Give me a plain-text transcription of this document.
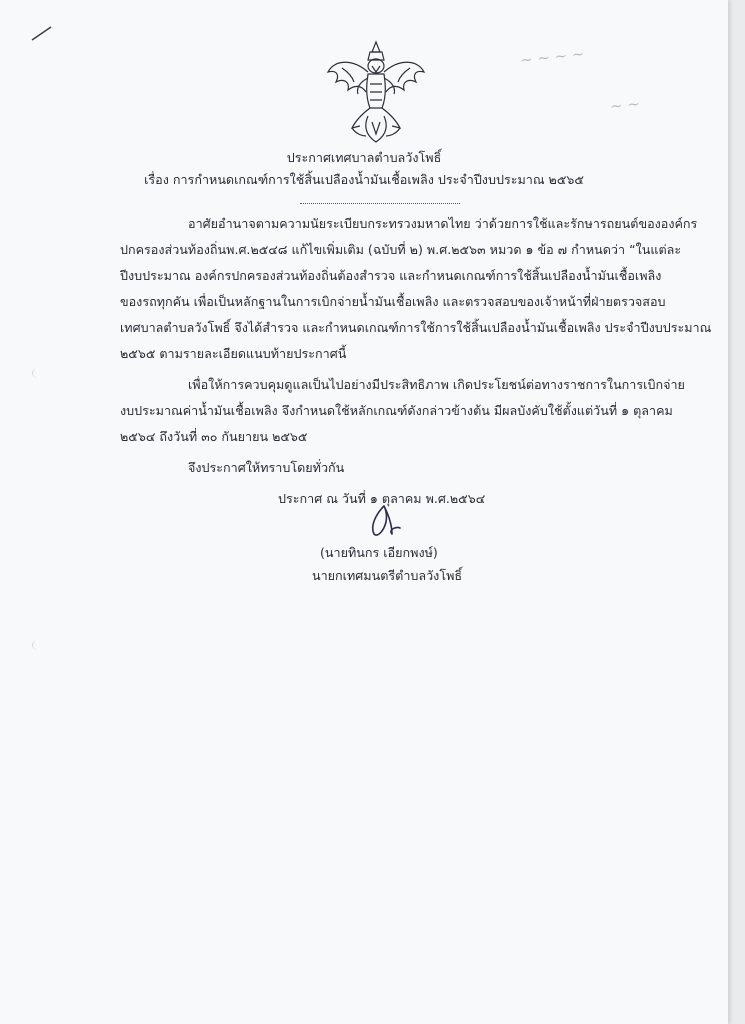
~ ~ ~ ~
~ ~
ประกาศเทศบาลตำบลวังโพธิ์
เรื่อง การกำหนดเกณฑ์การใช้สิ้นเปลืองน้ำมันเชื้อเพลิง ประจำปีงบประมาณ ๒๕๖๕
อาศัยอำนาจตามความนัยระเบียบกระทรวงมหาดไทย ว่าด้วยการใช้และรักษารถยนต์ขององค์กร
ปกครองส่วนท้องถิ่นพ.ศ.๒๕๔๘ แก้ไขเพิ่มเติม (ฉบับที่ ๒) พ.ศ.๒๕๖๓ หมวด ๑ ข้อ ๗ กำหนดว่า “ในแต่ละ
ปีงบประมาณ องค์กรปกครองส่วนท้องถิ่นต้องสำรวจ และกำหนดเกณฑ์การใช้สิ้นเปลืองน้ำมันเชื้อเพลิง
ของรถทุกคัน เพื่อเป็นหลักฐานในการเบิกจ่ายน้ำมันเชื้อเพลิง และตรวจสอบของเจ้าหน้าที่ฝ่ายตรวจสอบ
เทศบาลตำบลวังโพธิ์ จึงได้สำรวจ และกำหนดเกณฑ์การใช้การใช้สิ้นเปลืองน้ำมันเชื้อเพลิง ประจำปีงบประมาณ
๒๕๖๕ ตามรายละเอียดแนบท้ายประกาศนี้
เพื่อให้การควบคุมดูแลเป็นไปอย่างมีประสิทธิภาพ เกิดประโยชน์ต่อทางราชการในการเบิกจ่าย
งบประมาณค่าน้ำมันเชื้อเพลิง จึงกำหนดใช้หลักเกณฑ์ดังกล่าวข้างต้น มีผลบังคับใช้ตั้งแต่วันที่ ๑ ตุลาคม
๒๕๖๔ ถึงวันที่ ๓๐ กันยายน ๒๕๖๕
จึงประกาศให้ทราบโดยทั่วกัน
ประกาศ ณ วันที่ ๑ ตุลาคม พ.ศ.๒๕๖๔
(นายทินกร เอียกพงษ์)
นายกเทศมนตรีตำบลวังโพธิ์
